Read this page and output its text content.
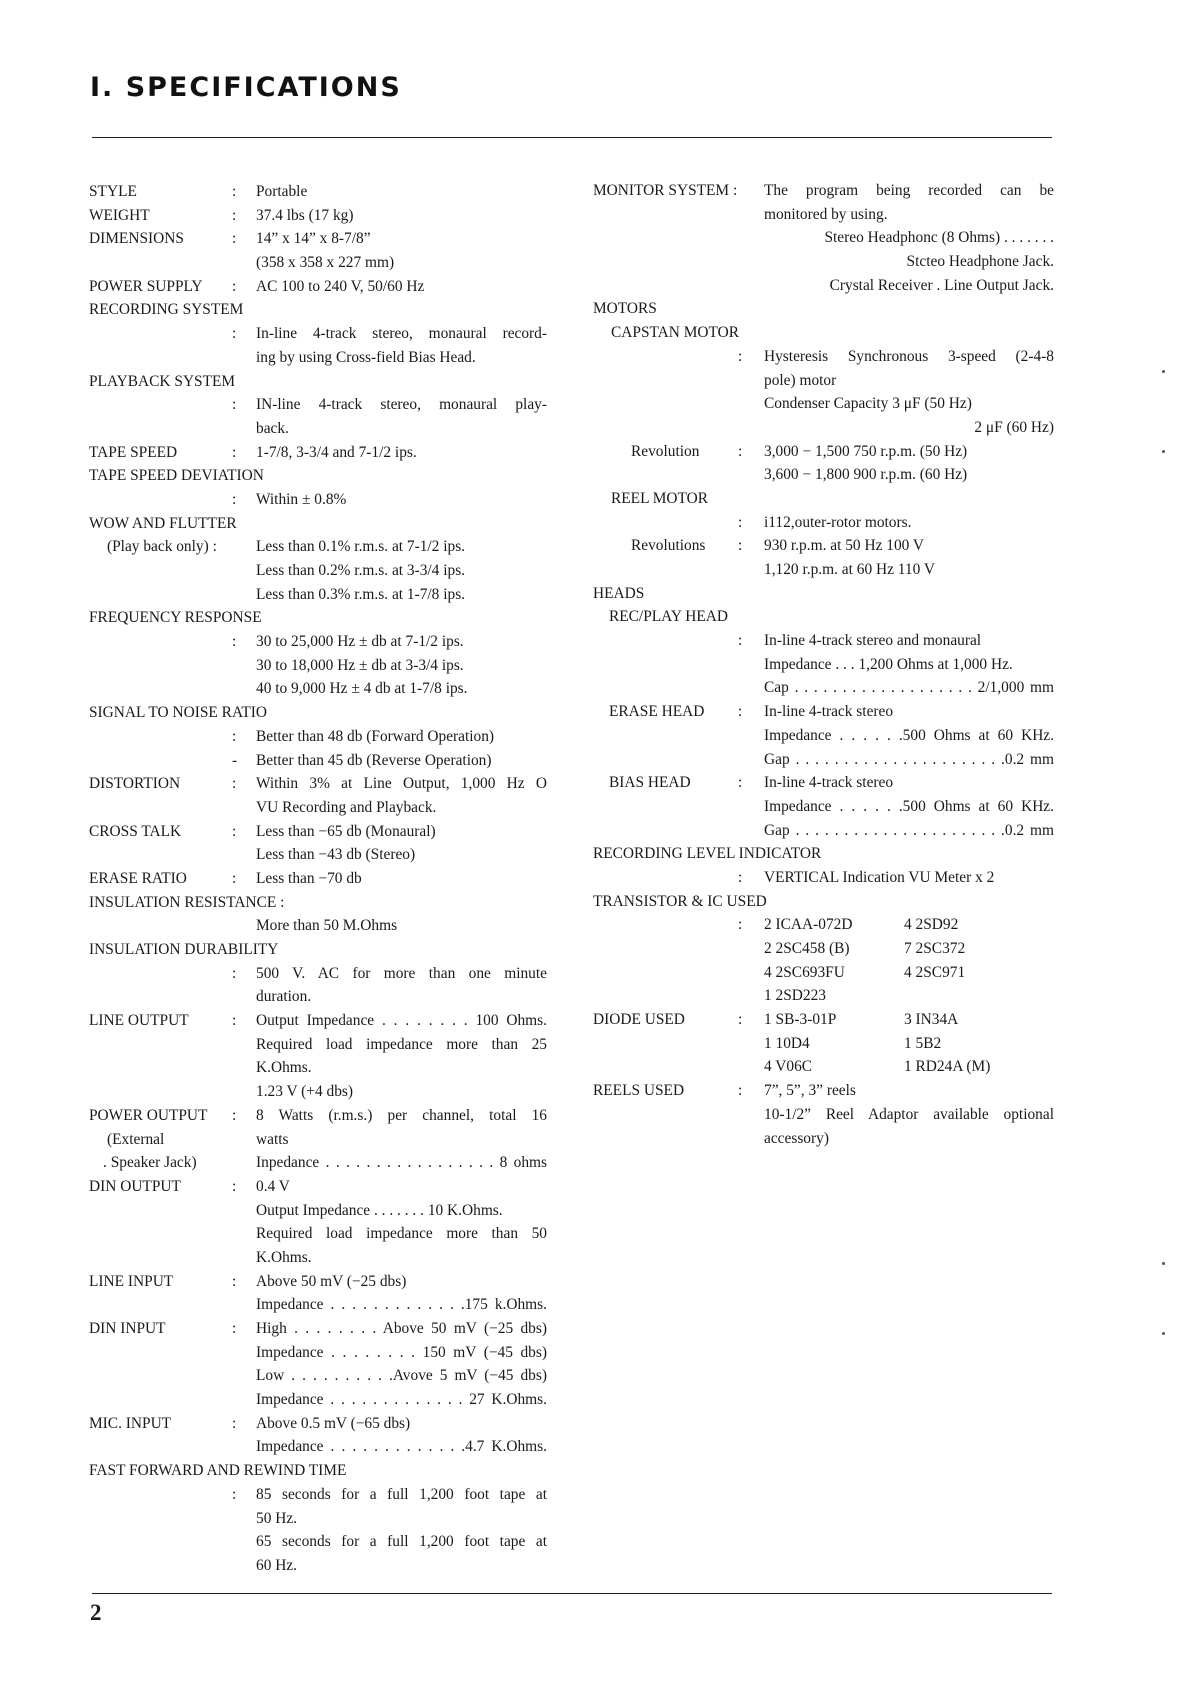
I. SPECIFICATIONS
STYLE	: Portable
WEIGHT	: 37.4 lbs (17 kg)
DIMENSIONS	: 14” x 14” x 8-7/8”
(358 x 358 x 227 mm)
POWER SUPPLY : AC 100 to 240 V, 50/60 Hz
RECORDING SYSTEM
: In-line 4-track stereo, monaural record-
ing by using Cross-field Bias Head.
PLAYBACK SYSTEM
: IN-line 4-track stereo, monaural play-
back.
TAPE SPEED	: 1-7/8, 3-3/4 and 7-1/2 ips.
TAPE SPEED DEVIATION
: Within ± 0.8%
WOW AND FLUTTER
(Play back only) :	Less than 0.1% r.m.s. at 7-1/2 ips.
Less than 0.2% r.m.s. at 3-3/4 ips.
Less than 0.3% r.m.s. at 1-7/8 ips.
FREQUENCY RESPONSE
: 30 to 25,000 Hz ± db at 7-1/2 ips.
30 to 18,000 Hz ± db at 3-3/4 ips.
40 to 9,000 Hz ± 4 db at 1-7/8 ips.
SIGNAL TO NOISE RATIO
: Better than 48 db (Forward Operation)
- Better than 45 db (Reverse Operation)
DISTORTION	: Within 3% at Line Output, 1,000 Hz O
VU Recording and Playback.
CROSS TALK	: Less than −65 db (Monaural)
Less than −43 db (Stereo)
ERASE RATIO	: Less than −70 db
INSULATION RESISTANCE :
More than 50 M.Ohms
INSULATION DURABILITY
: 500 V. AC for more than one minute
duration.
LINE OUTPUT	: Output Impedance . . . . . . . . 100 Ohms.
Required load impedance more than 25
K.Ohms.
1.23 V (+4 dbs)
POWER OUTPUT : 8 Watts (r.m.s.) per channel, total 16
(External	watts
. Speaker Jack)	Inpedance . . . . . . . . . . . . . . . . . 8 ohms
DIN OUTPUT	: 0.4 V
Output Impedance . . . . . . . 10 K.Ohms.
Required load impedance more than 50
K.Ohms.
LINE INPUT	: Above 50 mV (−25 dbs)
Impedance . . . . . . . . . . . . .175 k.Ohms.
DIN INPUT	: High . . . . . . . . Above 50 mV (−25 dbs)
Impedance . . . . . . . . 150 mV (−45 dbs)
Low . . . . . . . . . .Avove 5 mV (−45 dbs)
Impedance . . . . . . . . . . . . . 27 K.Ohms.
MIC. INPUT	: Above 0.5 mV (−65 dbs)
Impedance . . . . . . . . . . . . .4.7 K.Ohms.
FAST FORWARD AND REWIND TIME
: 85 seconds for a full 1,200 foot tape at
50 Hz.
65 seconds for a full 1,200 foot tape at
60 Hz.
MONITOR SYSTEM : The program being recorded can be
monitored by using.
Stereo Headphonc (8 Ohms) . . . . . . .
Stcteo Headphone Jack.
Crystal Receiver . Line Output Jack.
MOTORS
CAPSTAN MOTOR
: Hysteresis Synchronous 3-speed (2-4-8
pole) motor
Condenser Capacity 3 μF (50 Hz)
2 μF (60 Hz)
Revolution	: 3,000 − 1,500 750 r.p.m. (50 Hz)
3,600 − 1,800 900 r.p.m. (60 Hz)
REEL MOTOR
: i112,outer-rotor motors.
Revolutions : 930 r.p.m. at 50 Hz 100 V
1,120 r.p.m. at 60 Hz 110 V
HEADS
REC/PLAY HEAD
: In-line 4-track stereo and monaural
Impedance . . . 1,200 Ohms at 1,000 Hz.
Cap . . . . . . . . . . . . . . . . . . . 2/1,000 mm
ERASE HEAD : In-line 4-track stereo
Impedance . . . . . .500 Ohms at 60 KHz.
Gap . . . . . . . . . . . . . . . . . . . . . .0.2 mm
BIAS HEAD	: In-line 4-track stereo
Impedance . . . . . .500 Ohms at 60 KHz.
Gap . . . . . . . . . . . . . . . . . . . . . .0.2 mm
RECORDING LEVEL INDICATOR
: VERTICAL Indication VU Meter x 2
TRANSISTOR & IC USED
: 2 ICAA-072D	4 2SD92
2 2SC458 (B)	7 2SC372
4 2SC693FU	4 2SC971
1 2SD223
DIODE USED	: 1 SB-3-01P	3 IN34A
1 10D4	1 5B2
4 V06C	1 RD24A (M)
REELS USED	: 7”, 5”, 3” reels
10-1/2” Reel Adaptor available optional
accessory)
2
